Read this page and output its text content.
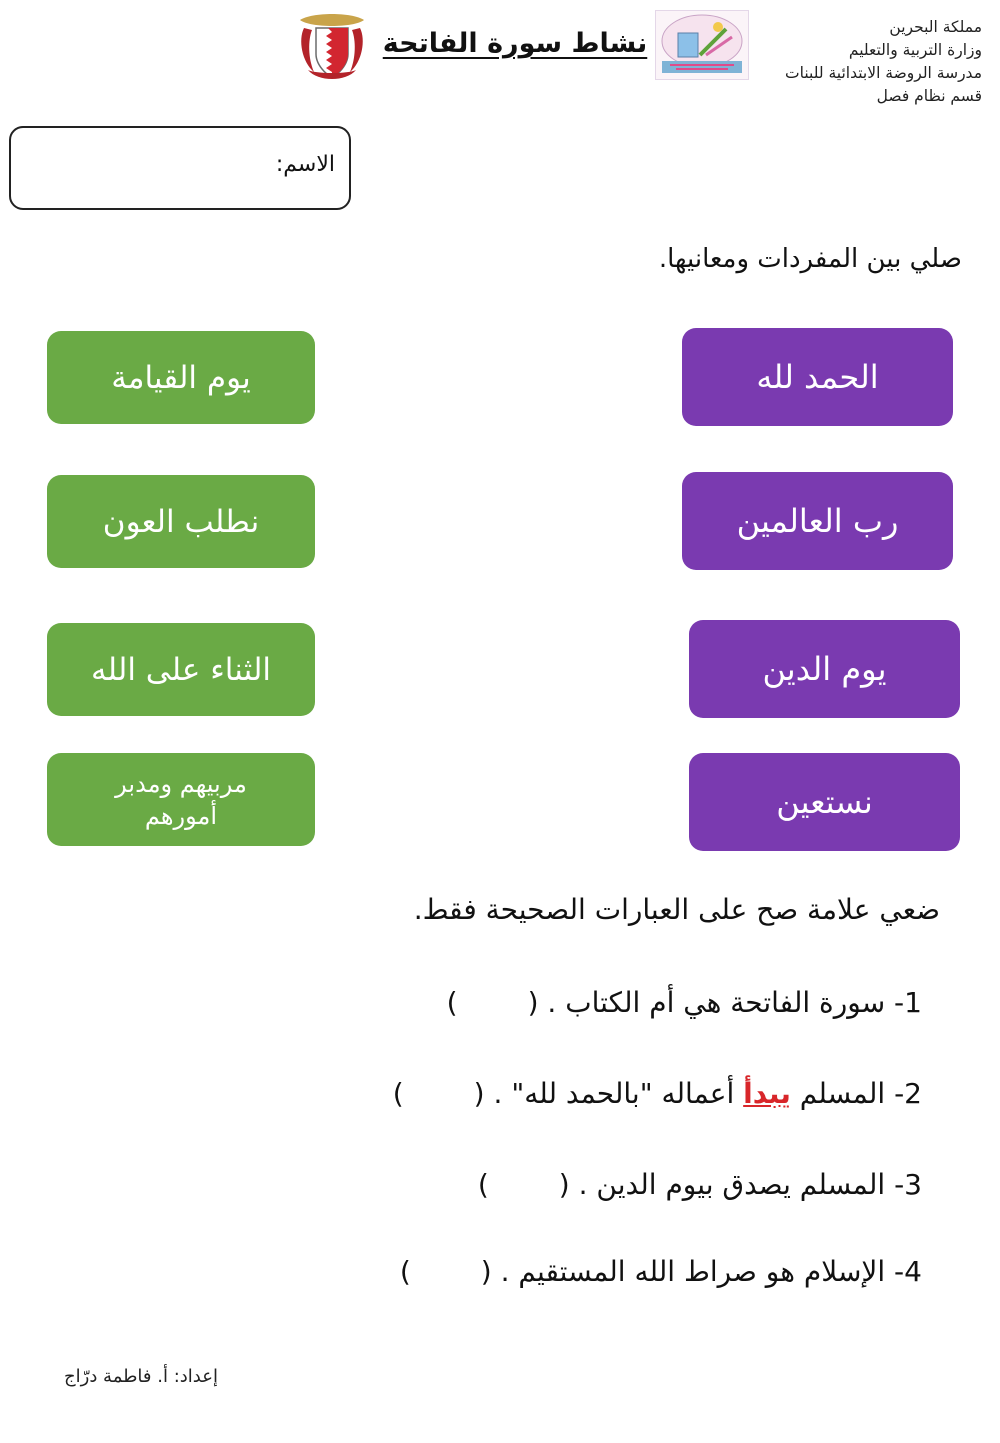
مملكة البحرين
وزارة التربية والتعليم
مدرسة الروضة الابتدائية للبنات
قسم نظام فصل
نشاط سورة الفاتحة
الاسم:
صلي بين المفردات ومعانيها.
الحمد لله
رب العالمين
يوم الدين
نستعين
يوم القيامة
نطلب العون
الثناء على الله
مربيهم ومدبر أمورهم
ضعي علامة صح على العبارات الصحيحة فقط.
1- سورة الفاتحة هي أم الكتاب . ()
2- المسلم يبدأ أعماله "بالحمد لله" . ()
3- المسلم يصدق بيوم الدين . ()
4- الإسلام هو صراط الله المستقيم . ()
إعداد: أ. فاطمة درّاج
